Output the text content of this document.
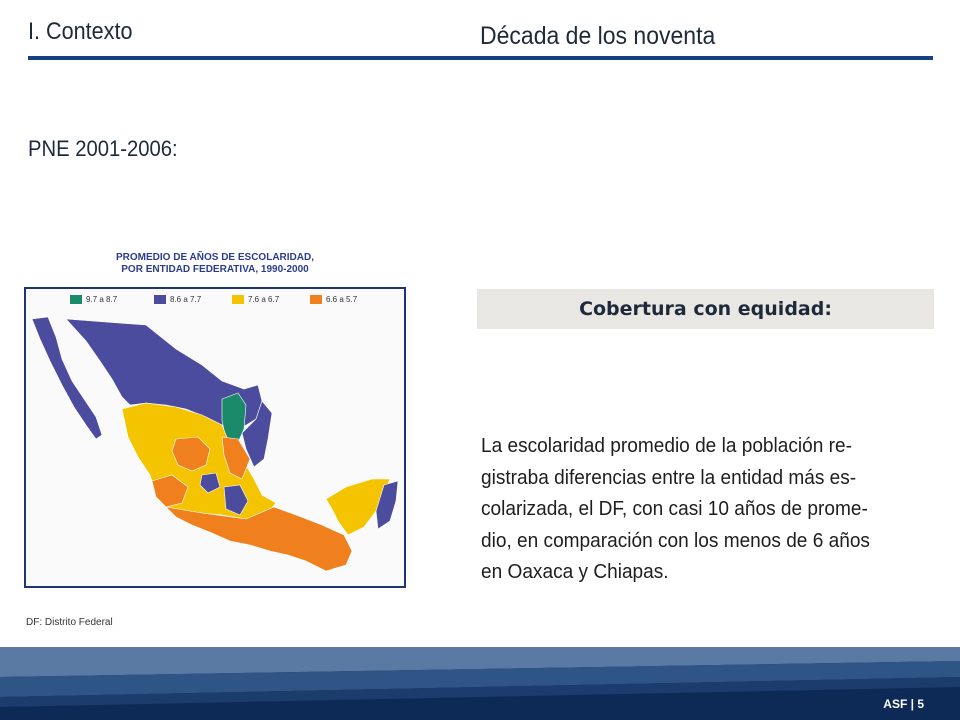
I. Contexto	Década de los noventa
PNE 2001-2006:
PROMEDIO DE AÑOS DE ESCOLARIDAD,
POR ENTIDAD FEDERATIVA, 1990-2000
9.7 a 8.7	8.6 a 7.7	7.6 a 6.7	6.6 a 5.7
DF: Distrito Federal
Cobertura con equidad:
La escolaridad promedio de la población re-
gistraba diferencias entre la entidad más es-
colarizada, el DF, con casi 10 años de prome-
dio, en comparación con los menos de 6 años
en Oaxaca y Chiapas.
ASF | 5
